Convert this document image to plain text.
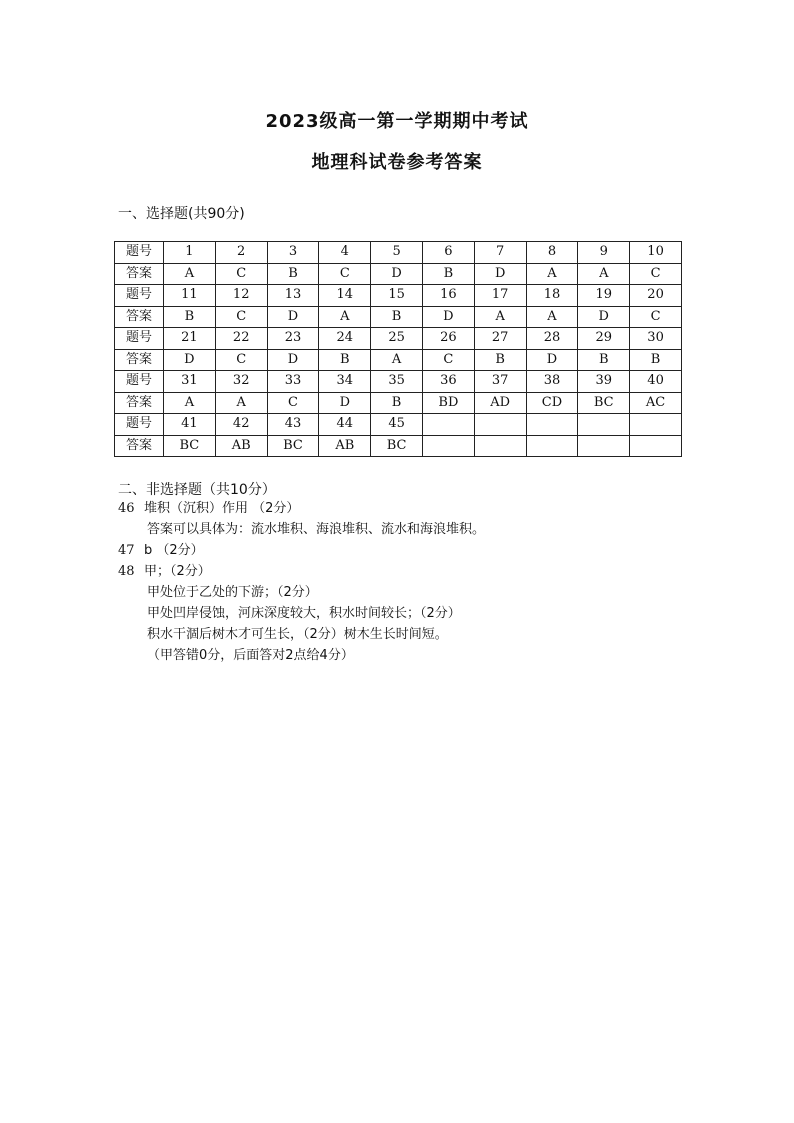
2023级高一第一学期期中考试
地理科试卷参考答案
一、选择题(共90分)
题号	1	2	3	4	5	6	7	8	9	10
答案	A	C	B	C	D	B	D	A	A	C
题号	11	12	13	14	15	16	17	18	19	20
答案	B	C	D	A	B	D	A	A	D	C
题号	21	22	23	24	25	26	27	28	29	30
答案	D	C	D	B	A	C	B	D	B	B
题号	31	32	33	34	35	36	37	38	39	40
答案	A	A	C	D	B	BD	AD	CD	BC	AC
题号	41	42	43	44	45					
答案	BC	AB	BC	AB	BC					
二、非选择题（共10分）
46 堆积（沉积）作用 （2分）
答案可以具体为：流水堆积、海浪堆积、流水和海浪堆积。
47 b （2分）
48 甲；（2分）
甲处位于乙处的下游；（2分）
甲处凹岸侵蚀，河床深度较大，积水时间较长；（2分）
积水干涸后树木才可生长，（2分）树木生长时间短。
（甲答错0分，后面答对2点给4分）
